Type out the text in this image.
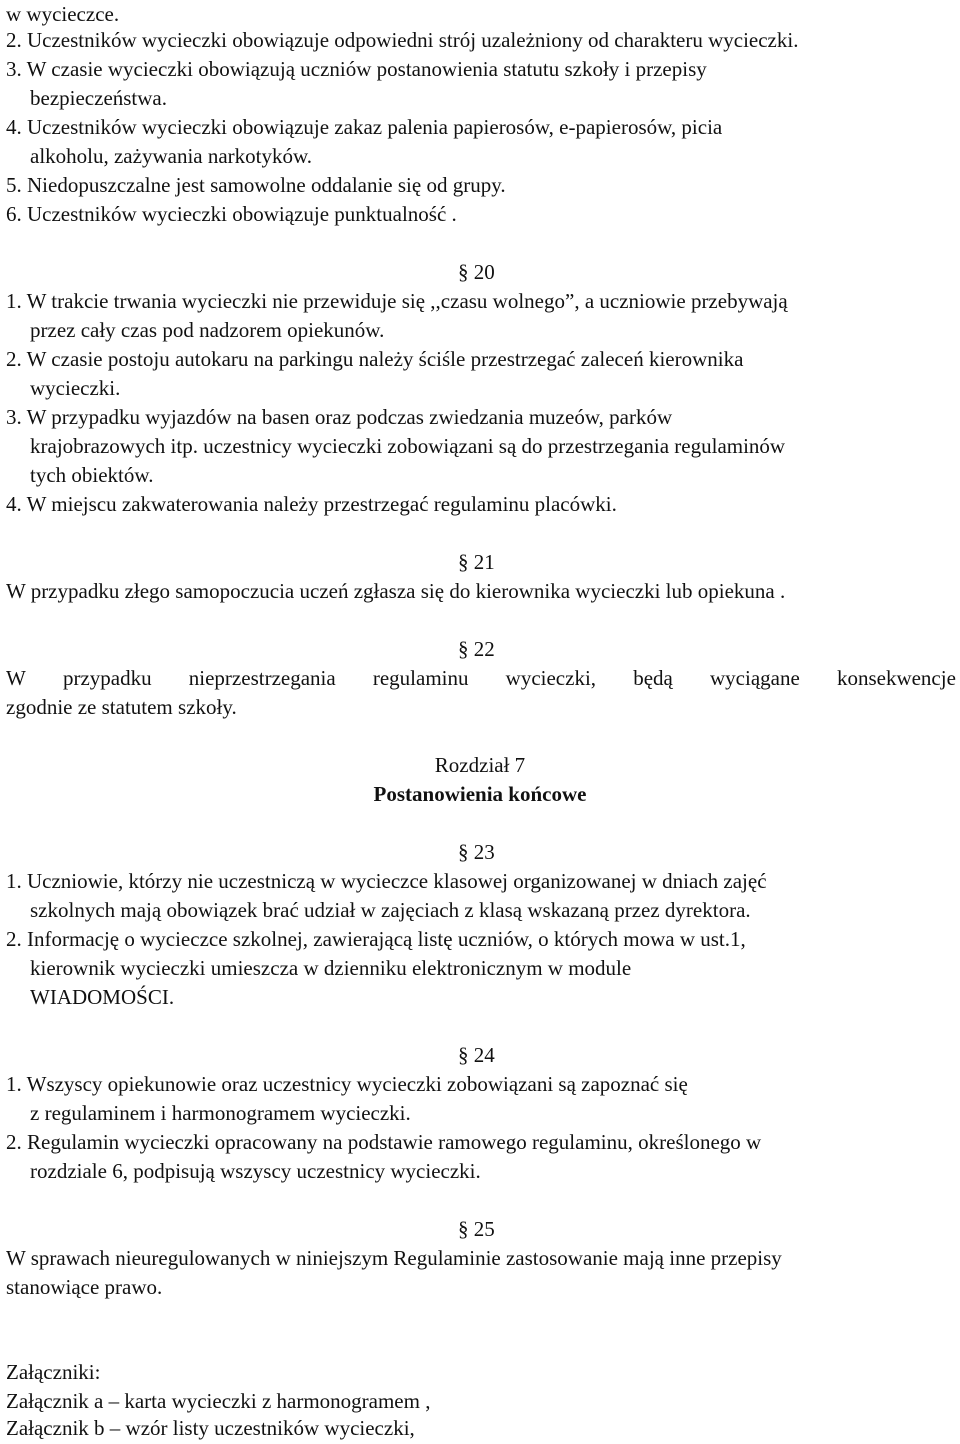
w wycieczce.
2. Uczestników wycieczki obowiązuje odpowiedni strój uzależniony od charakteru wycieczki.
3. W czasie wycieczki obowiązują uczniów postanowienia statutu szkoły i przepisy
bezpieczeństwa.
4. Uczestników wycieczki obowiązuje zakaz palenia papierosów, e-papierosów, picia
alkoholu, zażywania narkotyków.
5. Niedopuszczalne jest samowolne oddalanie się od grupy.
6. Uczestników wycieczki obowiązuje punktualność .
§ 20
1. W trakcie trwania wycieczki nie przewiduje się ,,czasu wolnego”, a uczniowie przebywają
przez cały czas pod nadzorem opiekunów.
2. W czasie postoju autokaru na parkingu należy ściśle przestrzegać zaleceń kierownika
wycieczki.
3. W przypadku wyjazdów na basen oraz podczas zwiedzania muzeów, parków
krajobrazowych itp. uczestnicy wycieczki zobowiązani są do przestrzegania regulaminów
tych obiektów.
4. W miejscu zakwaterowania należy przestrzegać regulaminu placówki.
§ 21
W przypadku złego samopoczucia uczeń zgłasza się do kierownika wycieczki lub opiekuna .
§ 22
W przypadku nieprzestrzegania regulaminu wycieczki, będą wyciągane konsekwencje
zgodnie ze statutem szkoły.
Rozdział 7
Postanowienia końcowe
§ 23
1. Uczniowie, którzy nie uczestniczą w wycieczce klasowej organizowanej w dniach zajęć
szkolnych mają obowiązek brać udział w zajęciach z klasą wskazaną przez dyrektora.
2. Informację o wycieczce szkolnej, zawierającą listę uczniów, o których mowa w ust.1,
kierownik wycieczki umieszcza w dzienniku elektronicznym w module
WIADOMOŚCI.
§ 24
1. Wszyscy opiekunowie oraz uczestnicy wycieczki zobowiązani są zapoznać się
z regulaminem i harmonogramem wycieczki.
2. Regulamin wycieczki opracowany na podstawie ramowego regulaminu, określonego w
rozdziale 6, podpisują wszyscy uczestnicy wycieczki.
§ 25
W sprawach nieuregulowanych w niniejszym Regulaminie zastosowanie mają inne przepisy
stanowiące prawo.
Załączniki:
Załącznik a – karta wycieczki z harmonogramem ,
Załącznik b – wzór listy uczestników wycieczki,
